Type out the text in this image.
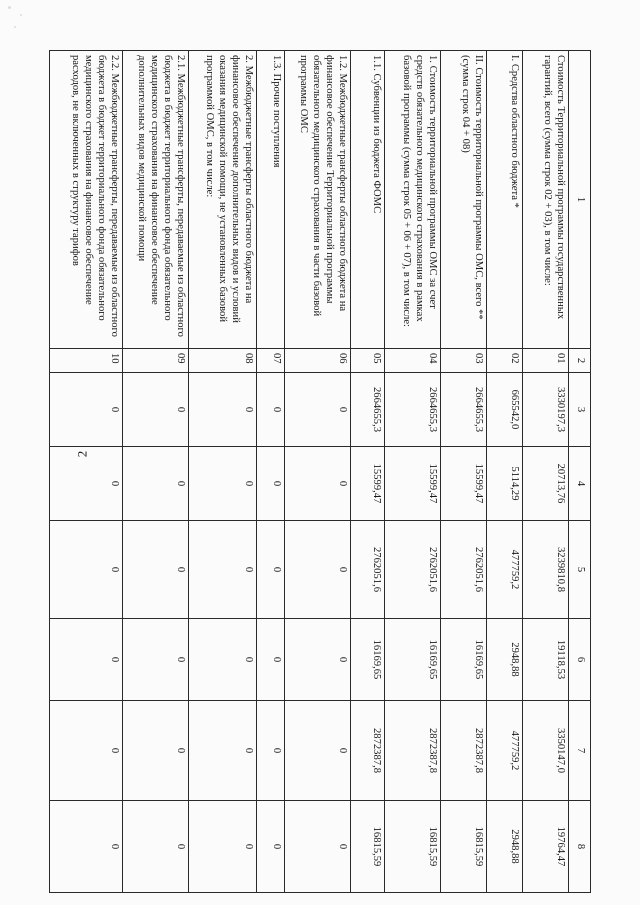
2
1	2	3	4	5	6	7	8
Стоимость Территориальной программы государственных гарантий, всего (сумма строк 02 + 03), в том числе:	01	3330197,3	20713,76	3239810,8	19118,53	3350147,0	19764,47
I. Средства областного бюджета *	02	665542,0	5114,29	477759,2	2948,88	477759,2	2948,88
II. Стоимость территориальной программы ОМС, всего ** (сумма строк 04 + 08)	03	2664655,3	15599,47	2762051,6	16169,65	2872387,8	16815,59
1. Стоимость территориальной программы ОМС за счет средств обязательного медицинского страхования в рамках базовой программы (сумма строк 05 + 06 + 07), в том числе:	04	2664655,3	15599,47	2762051,6	16169,65	2872387,8	16815,59
1.1. Субвенции из бюджета ФОМС	05	2664655,3	15599,47	2762051,6	16169,65	2872387,8	16815,59
1.2. Межбюджетные трансферты областного бюджета на финансовое обеспечение Территориальной программы обязательного медицинского страхования в части базовой программы ОМС	06	0	0	0	0	0	0
1.3. Прочие поступления	07	0	0	0	0	0	0
2. Межбюджетные трансферты областного бюджета на финансовое обеспечение дополнительных видов и условий оказания медицинской помощи, не установленных базовой программой ОМС, в том числе:	08	0	0	0	0	0	0
2.1. Межбюджетные трансферты, передаваемые из областного бюджета в бюджет территориального фонда обязательного медицинского страхования на финансовое обеспечение дополнительных видов медицинской помощи	09	0	0	0	0	0	0
2.2. Межбюджетные трансферты, передаваемые из областного бюджета в бюджет территориального фонда обязательного медицинского страхования на финансовое обеспечение расходов, не включенных в структуру тарифов	10	0	0	0	0	0	0
